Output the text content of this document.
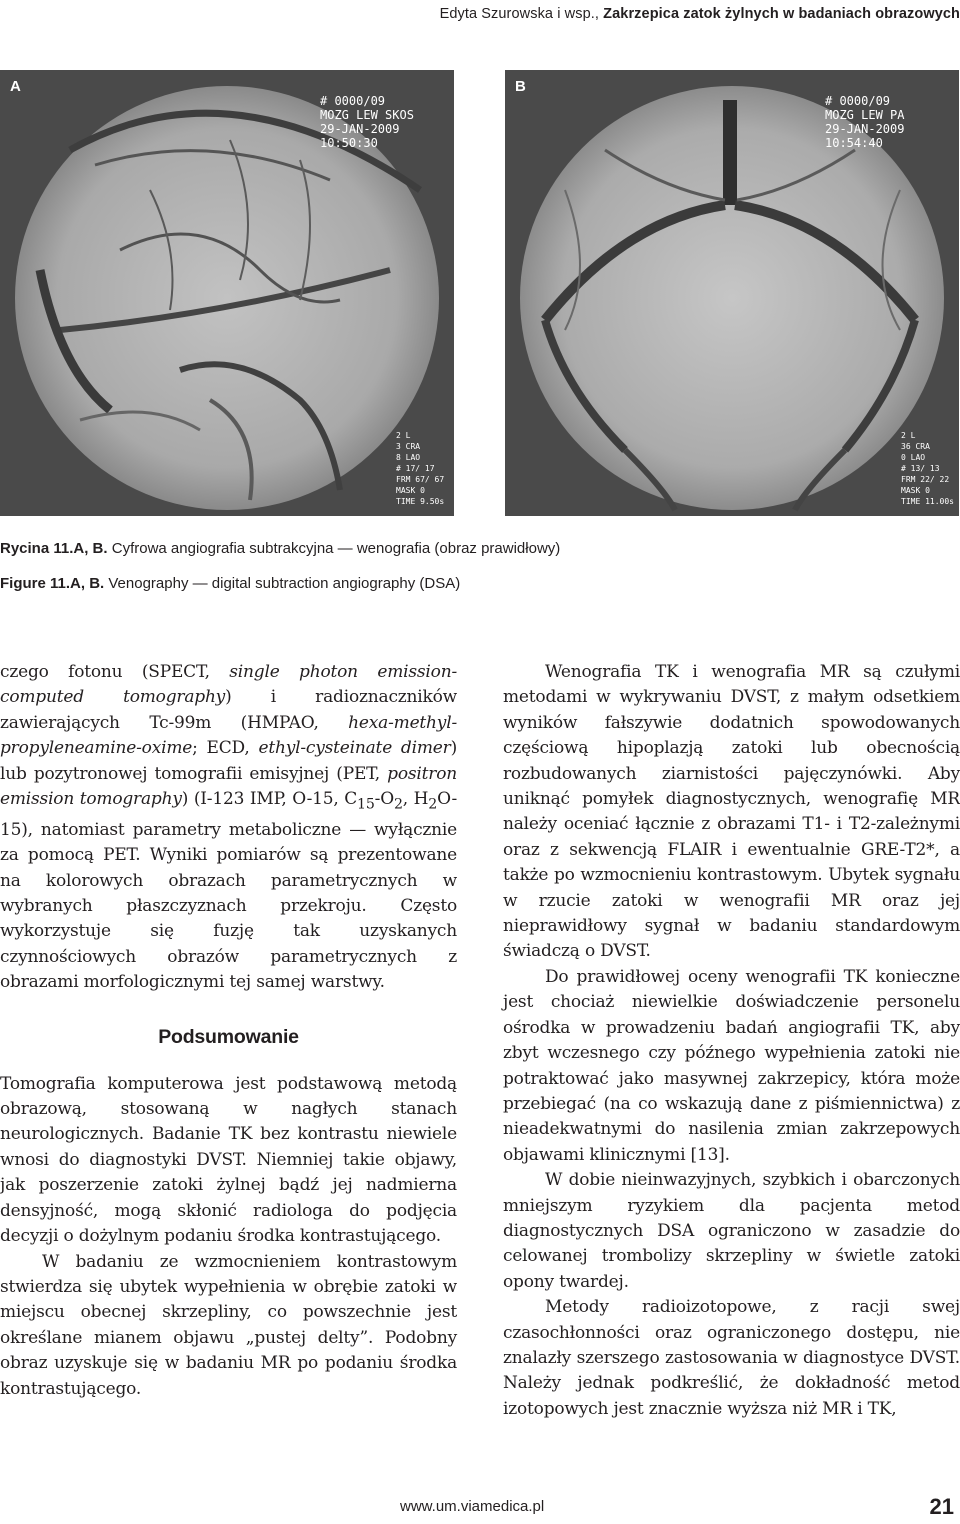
Edyta Szurowska i wsp., Zakrzepica zatok żylnych w badaniach obrazowych
A
# 0000/09
MOZG LEW SKOS
29-JAN-2009
10:50:30
2 L
3 CRA
8 LAO
# 17/ 17
FRM 67/ 67
MASK 0
TIME 9.50s
B
# 0000/09
MOZG LEW PA
29-JAN-2009
10:54:40
2 L
36 CRA
0 LAO
# 13/ 13
FRM 22/ 22
MASK 0
TIME 11.00s
Rycina 11.A, B. Cyfrowa angiografia subtrakcyjna — wenografia (obraz prawidłowy)
Figure 11.A, B. Venography — digital subtraction angiography (DSA)

czego fotonu (SPECT, single photon emission-computed tomography) i radioznaczników zawierających Tc-99m (HMPAO, hexa-methyl-propyleneamine-oxime; ECD, ethyl-cysteinate dimer) lub pozytronowej tomografii emisyjnej (PET, positron emission tomography) (I-123 IMP, O-15, $C_{15}-O_2$, $H_2O-15$), natomiast parametry metaboliczne — wyłącznie za pomocą PET. Wyniki pomiarów są prezentowane na kolorowych obrazach parametrycznych w wybranych płaszczyznach przekroju. Często wykorzystuje się fuzję tak uzyskanych czynnościowych obrazów parametrycznych z obrazami morfologicznymi tej samej warstwy.

Podsumowanie

Tomografia komputerowa jest podstawową metodą obrazową, stosowaną w nagłych stanach neurologicznych. Badanie TK bez kontrastu niewiele wnosi do diagnostyki DVST. Niemniej takie objawy, jak poszerzenie zatoki żylnej bądź jej nadmierna densyjność, mogą skłonić radiologa do podjęcia decyzji o dożylnym podaniu środka kontrastującego.

W badaniu ze wzmocnieniem kontrastowym stwierdza się ubytek wypełnienia w obrębie zatoki w miejscu obecnej skrzepliny, co powszechnie jest określane mianem objawu „pustej delty”. Podobny obraz uzyskuje się w badaniu MR po podaniu środka kontrastującego.

Wenografia TK i wenografia MR są czułymi metodami w wykrywaniu DVST, z małym odsetkiem wyników fałszywie dodatnich spowodowanych częściową hipoplazją zatoki lub obecnością rozbudowanych ziarnistości pajęczynówki. Aby uniknąć pomyłek diagnostycznych, wenografię MR należy oceniać łącznie z obrazami T1- i T2-zależnymi oraz z sekwencją FLAIR i ewentualnie GRE-T2*, a także po wzmocnieniu kontrastowym. Ubytek sygnału w rzucie zatoki w wenografii MR oraz jej nieprawidłowy sygnał w badaniu standardowym świadczą o DVST.

Do prawidłowej oceny wenografii TK konieczne jest chociaż niewielkie doświadczenie personelu ośrodka w prowadzeniu badań angiografii TK, aby zbyt wczesnego czy późnego wypełnienia zatoki nie potraktować jako masywnej zakrzepicy, która może przebiegać (na co wskazują dane z piśmiennictwa) z nieadekwatnymi do nasilenia zmian zakrzepowych objawami klinicznymi [13].

W dobie nieinwazyjnych, szybkich i obarczonych mniejszym ryzykiem dla pacjenta metod diagnostycznych DSA ograniczono w zasadzie do celowanej trombolizy skrzepliny w świetle zatoki opony twardej.

Metody radioizotopowe, z racji swej czasochłonności oraz ograniczonego dostępu, nie znalazły szerszego zastosowania w diagnostyce DVST. Należy jednak podkreślić, że dokładność metod izotopowych jest znacznie wyższa niż MR i TK,

www.um.viamedica.pl	21
